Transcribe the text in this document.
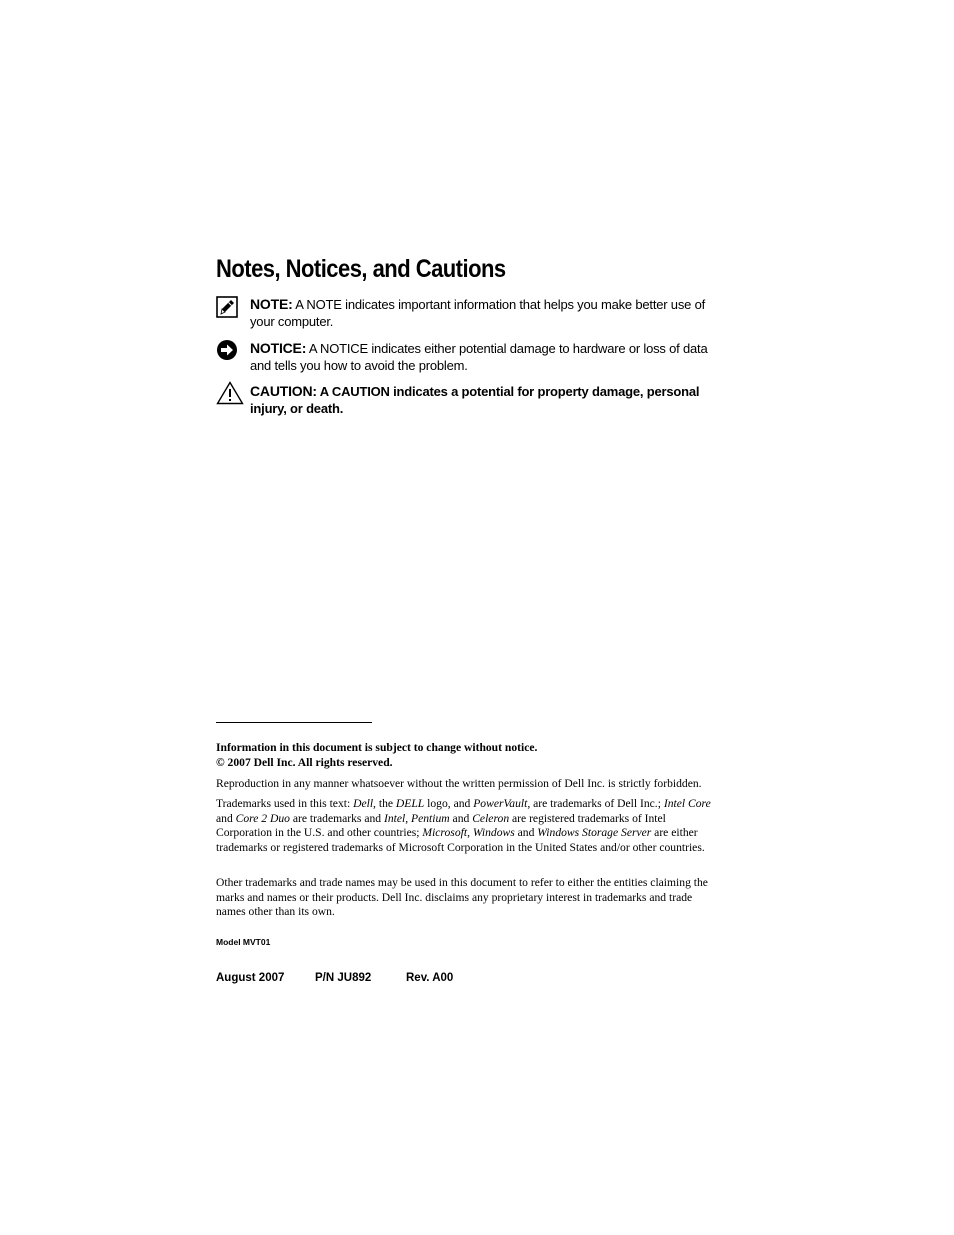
Notes, Notices, and Cautions
NOTE: A NOTE indicates important information that helps you make better use of your computer.
NOTICE: A NOTICE indicates either potential damage to hardware or loss of data and tells you how to avoid the problem.
CAUTION: A CAUTION indicates a potential for property damage, personal injury, or death.
Information in this document is subject to change without notice.
© 2007 Dell Inc. All rights reserved.
Reproduction in any manner whatsoever without the written permission of Dell Inc. is strictly forbidden.
Trademarks used in this text: Dell, the DELL logo, and PowerVault, are trademarks of Dell Inc.; Intel Core and Core 2 Duo are trademarks and Intel, Pentium and Celeron are registered trademarks of Intel Corporation in the U.S. and other countries; Microsoft, Windows and Windows Storage Server are either trademarks or registered trademarks of Microsoft Corporation in the United States and/or other countries.
Other trademarks and trade names may be used in this document to refer to either the entities claiming the marks and names or their products. Dell Inc. disclaims any proprietary interest in trademarks and trade names other than its own.
Model MVT01
August 2007	P/N JU892	Rev. A00
